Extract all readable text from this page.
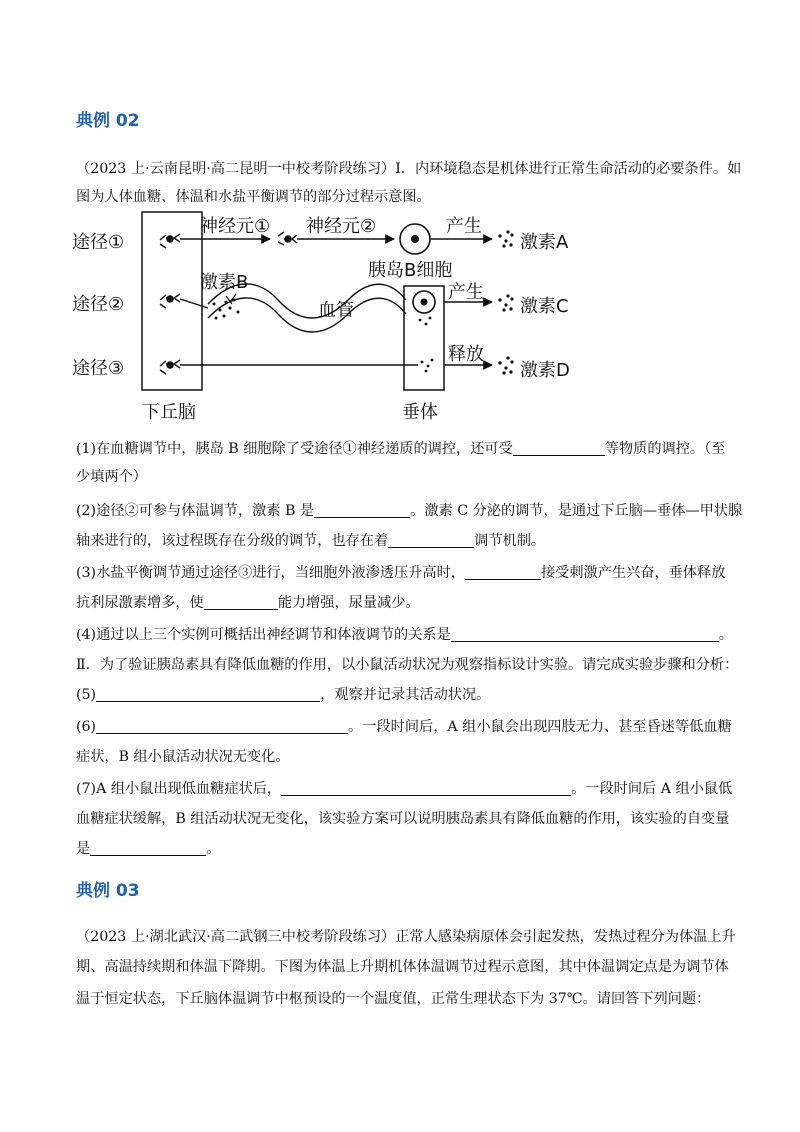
典例 02
（2023 上·云南昆明·高二昆明一中校考阶段练习）Ⅰ．内环境稳态是机体进行正常生命活动的必要条件。如
图为人体血糖、体温和水盐平衡调节的部分过程示意图。
途径①
途径②
途径③
神经元① 神经元②	产生
激素A
胰岛B细胞
激素B
血管
产生
激素C
释放
激素D
下丘脑	垂体
(1)在血糖调节中，胰岛 B 细胞除了受途径①神经递质的调控，还可受	等物质的调控。（至
少填两个）
(2)途径②可参与体温调节，激素 B 是	。激素 C 分泌的调节，是通过下丘脑—垂体—甲状腺
轴来进行的，该过程既存在分级的调节，也存在着	调节机制。
(3)水盐平衡调节通过途径③进行，当细胞外液渗透压升高时，	接受刺激产生兴奋，垂体释放
抗利尿激素增多，使	能力增强，尿量减少。
(4)通过以上三个实例可概括出神经调节和体液调节的关系是	。
Ⅱ．为了验证胰岛素具有降低血糖的作用，以小鼠活动状况为观察指标设计实验。请完成实验步骤和分析：
(5)	，观察并记录其活动状况。
(6)	。一段时间后，A 组小鼠会出现四肢无力、甚至昏迷等低血糖
症状，B 组小鼠活动状况无变化。
(7)A 组小鼠出现低血糖症状后，	。一段时间后 A 组小鼠低
血糖症状缓解，B 组活动状况无变化，该实验方案可以说明胰岛素具有降低血糖的作用，该实验的自变量
是	。
典例 03
（2023 上·湖北武汉·高二武钢三中校考阶段练习）正常人感染病原体会引起发热，发热过程分为体温上升
期、高温持续期和体温下降期。下图为体温上升期机体体温调节过程示意图，其中体温调定点是为调节体
温于恒定状态，下丘脑体温调节中枢预设的一个温度值，正常生理状态下为 37℃。请回答下列问题：
